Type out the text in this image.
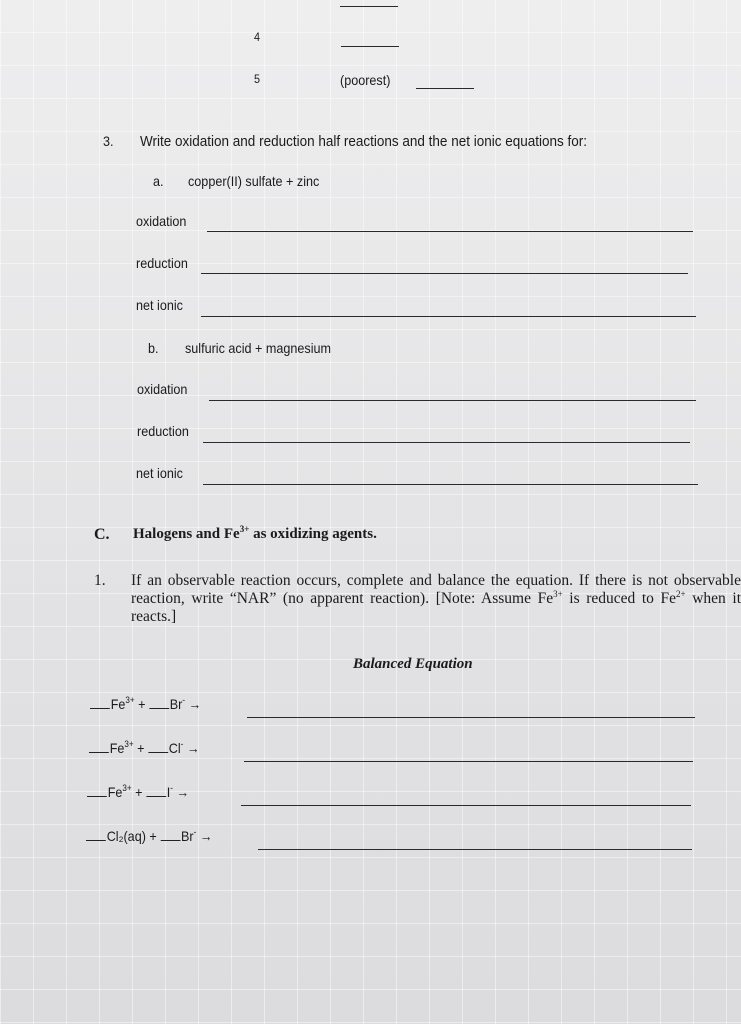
4
5	(poorest)
3. Write oxidation and reduction half reactions and the net ionic equations for:
a. copper(II) sulfate + zinc
oxidation
reduction
net ionic
b. sulfuric acid + magnesium
oxidation
reduction
net ionic
C. Halogens and $Fe^{3+}$ as oxidizing agents.
1. If an observable reaction occurs, complete and balance the equation. If there is not observable reaction, write “NAR” (no apparent reaction). [Note: Assume $Fe^{3+}$ is reduced to $Fe^{2+}$ when it reacts.]
Balanced Equation
$Fe^{3+} + Br^-$ →
$Fe^{3+} + Cl^-$ →
$Fe^{3+} + I^-$ →
Cl₂(aq) + Br- →
